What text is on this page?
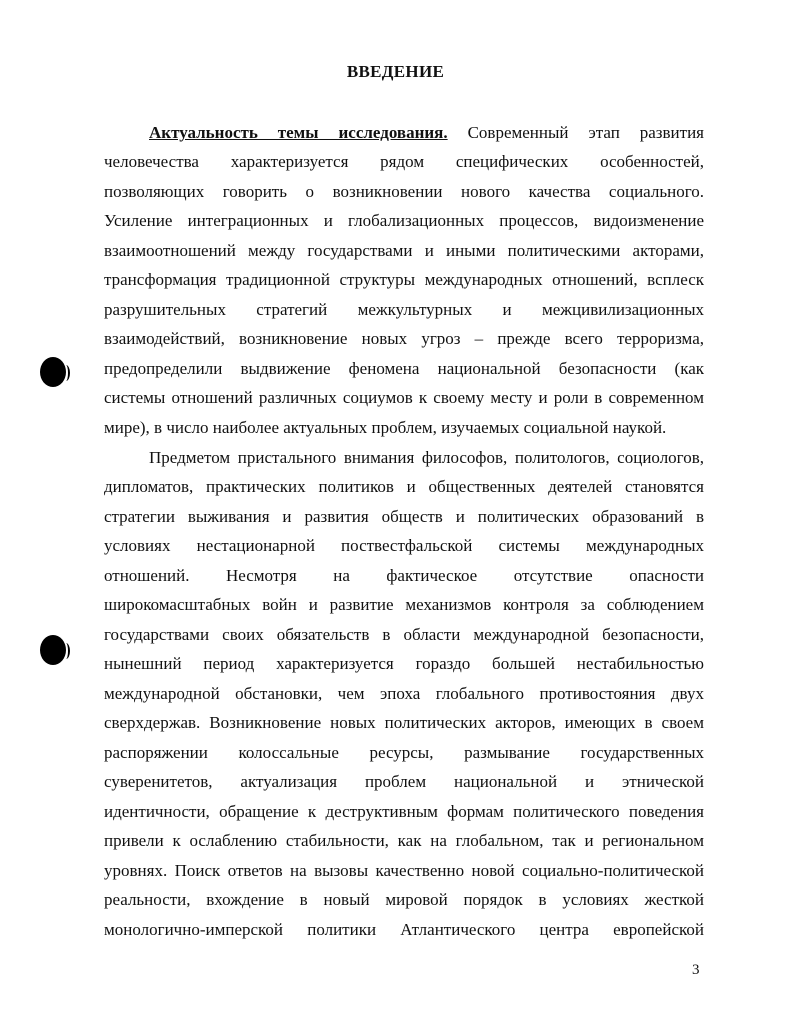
ВВЕДЕНИЕ
Актуальность темы исследования. Современный этап развития
человечества характеризуется рядом специфических особенностей,
позволяющих говорить о возникновении нового качества социального.
Усиление интеграционных и глобализационных процессов, видоизменение
взаимоотношений между государствами и иными политическими акторами,
трансформация традиционной структуры международных отношений, всплеск
разрушительных стратегий межкультурных и межцивилизационных
взаимодействий, возникновение новых угроз – прежде всего терроризма,
предопределили выдвижение феномена национальной безопасности (как
системы отношений различных социумов к своему месту и роли в современном
мире), в число наиболее актуальных проблем, изучаемых социальной наукой.
Предметом пристального внимания философов, политологов, социологов,
дипломатов, практических политиков и общественных деятелей становятся
стратегии выживания и развития обществ и политических образований в
условиях нестационарной поствестфальской системы международных
отношений. Несмотря на фактическое отсутствие опасности
широкомасштабных войн и развитие механизмов контроля за соблюдением
государствами своих обязательств в области международной безопасности,
нынешний период характеризуется гораздо большей нестабильностью
международной обстановки, чем эпоха глобального противостояния двух
сверхдержав. Возникновение новых политических акторов, имеющих в своем
распоряжении колоссальные ресурсы, размывание государственных
суверенитетов, актуализация проблем национальной и этнической
идентичности, обращение к деструктивным формам политического поведения
привели к ослаблению стабильности, как на глобальном, так и региональном
уровнях. Поиск ответов на вызовы качественно новой социально-политической
реальности, вхождение в новый мировой порядок в условиях жесткой
монологично-имперской политики Атлантического центра европейской
3
